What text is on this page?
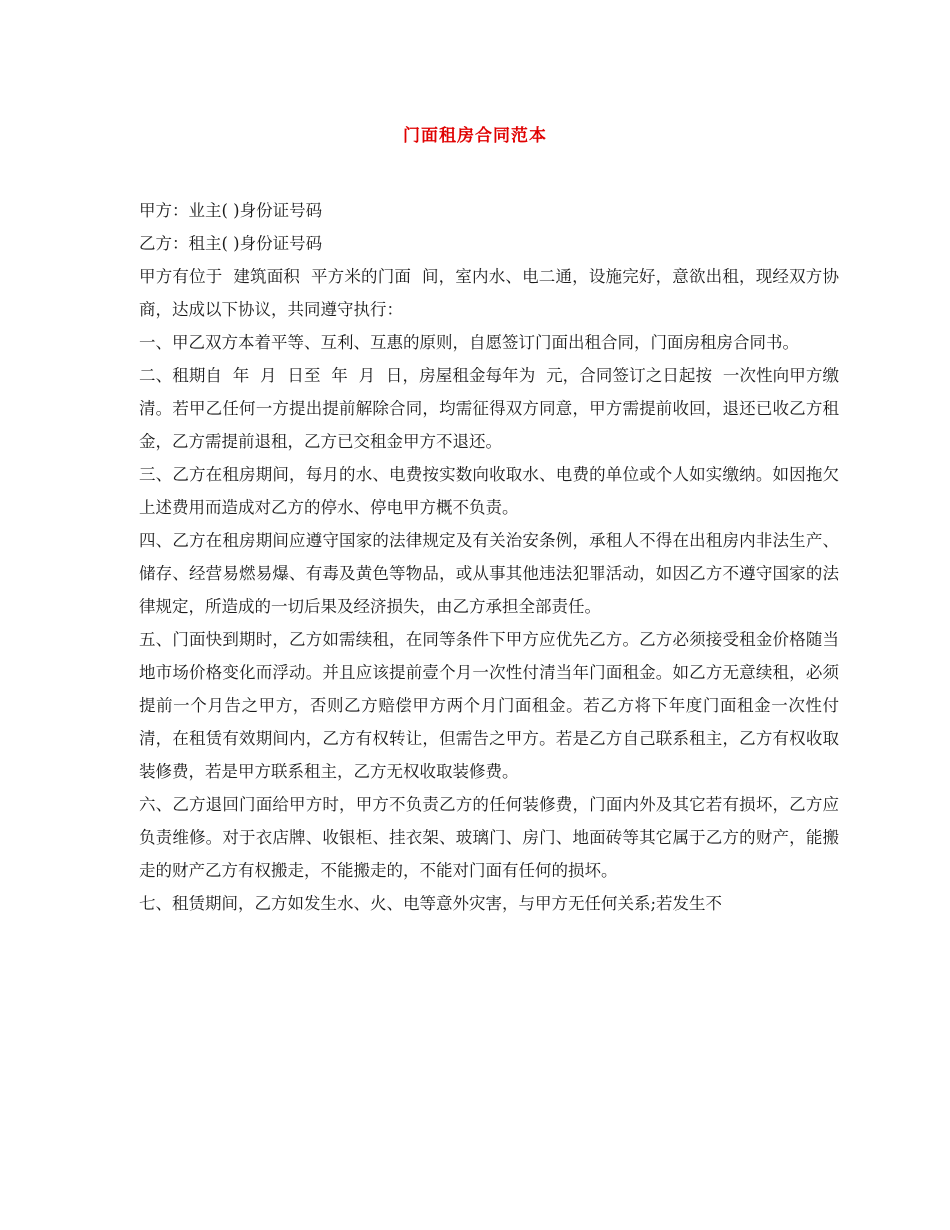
门面租房合同范本

甲方：业主( )身份证号码

乙方：租主( )身份证号码

甲方有位于  建筑面积  平方米的门面  间，室内水、电二通，设施完好，意欲出租，现经双方协商，达成以下协议，共同遵守执行：

一、甲乙双方本着平等、互利、互惠的原则，自愿签订门面出租合同，门面房租房合同书。

二、租期自  年  月  日至  年  月  日，房屋租金每年为  元，合同签订之日起按  一次性向甲方缴清。若甲乙任何一方提出提前解除合同，均需征得双方同意，甲方需提前收回，退还已收乙方租金，乙方需提前退租，乙方已交租金甲方不退还。

三、乙方在租房期间，每月的水、电费按实数向收取水、电费的单位或个人如实缴纳。如因拖欠上述费用而造成对乙方的停水、停电甲方概不负责。

四、乙方在租房期间应遵守国家的法律规定及有关治安条例，承租人不得在出租房内非法生产、储存、经营易燃易爆、有毒及黄色等物品，或从事其他违法犯罪活动，如因乙方不遵守国家的法律规定，所造成的一切后果及经济损失，由乙方承担全部责任。

五、门面快到期时，乙方如需续租，在同等条件下甲方应优先乙方。乙方必须接受租金价格随当地市场价格变化而浮动。并且应该提前壹个月一次性付清当年门面租金。如乙方无意续租，必须提前一个月告之甲方，否则乙方赔偿甲方两个月门面租金。若乙方将下年度门面租金一次性付清，在租赁有效期间内，乙方有权转让，但需告之甲方。若是乙方自己联系租主，乙方有权收取装修费，若是甲方联系租主，乙方无权收取装修费。

六、乙方退回门面给甲方时，甲方不负责乙方的任何装修费，门面内外及其它若有损坏，乙方应负责维修。对于衣店牌、收银柜、挂衣架、玻璃门、房门、地面砖等其它属于乙方的财产，能搬走的财产乙方有权搬走，不能搬走的，不能对门面有任何的损坏。

七、租赁期间，乙方如发生水、火、电等意外灾害，与甲方无任何关系;若发生不
